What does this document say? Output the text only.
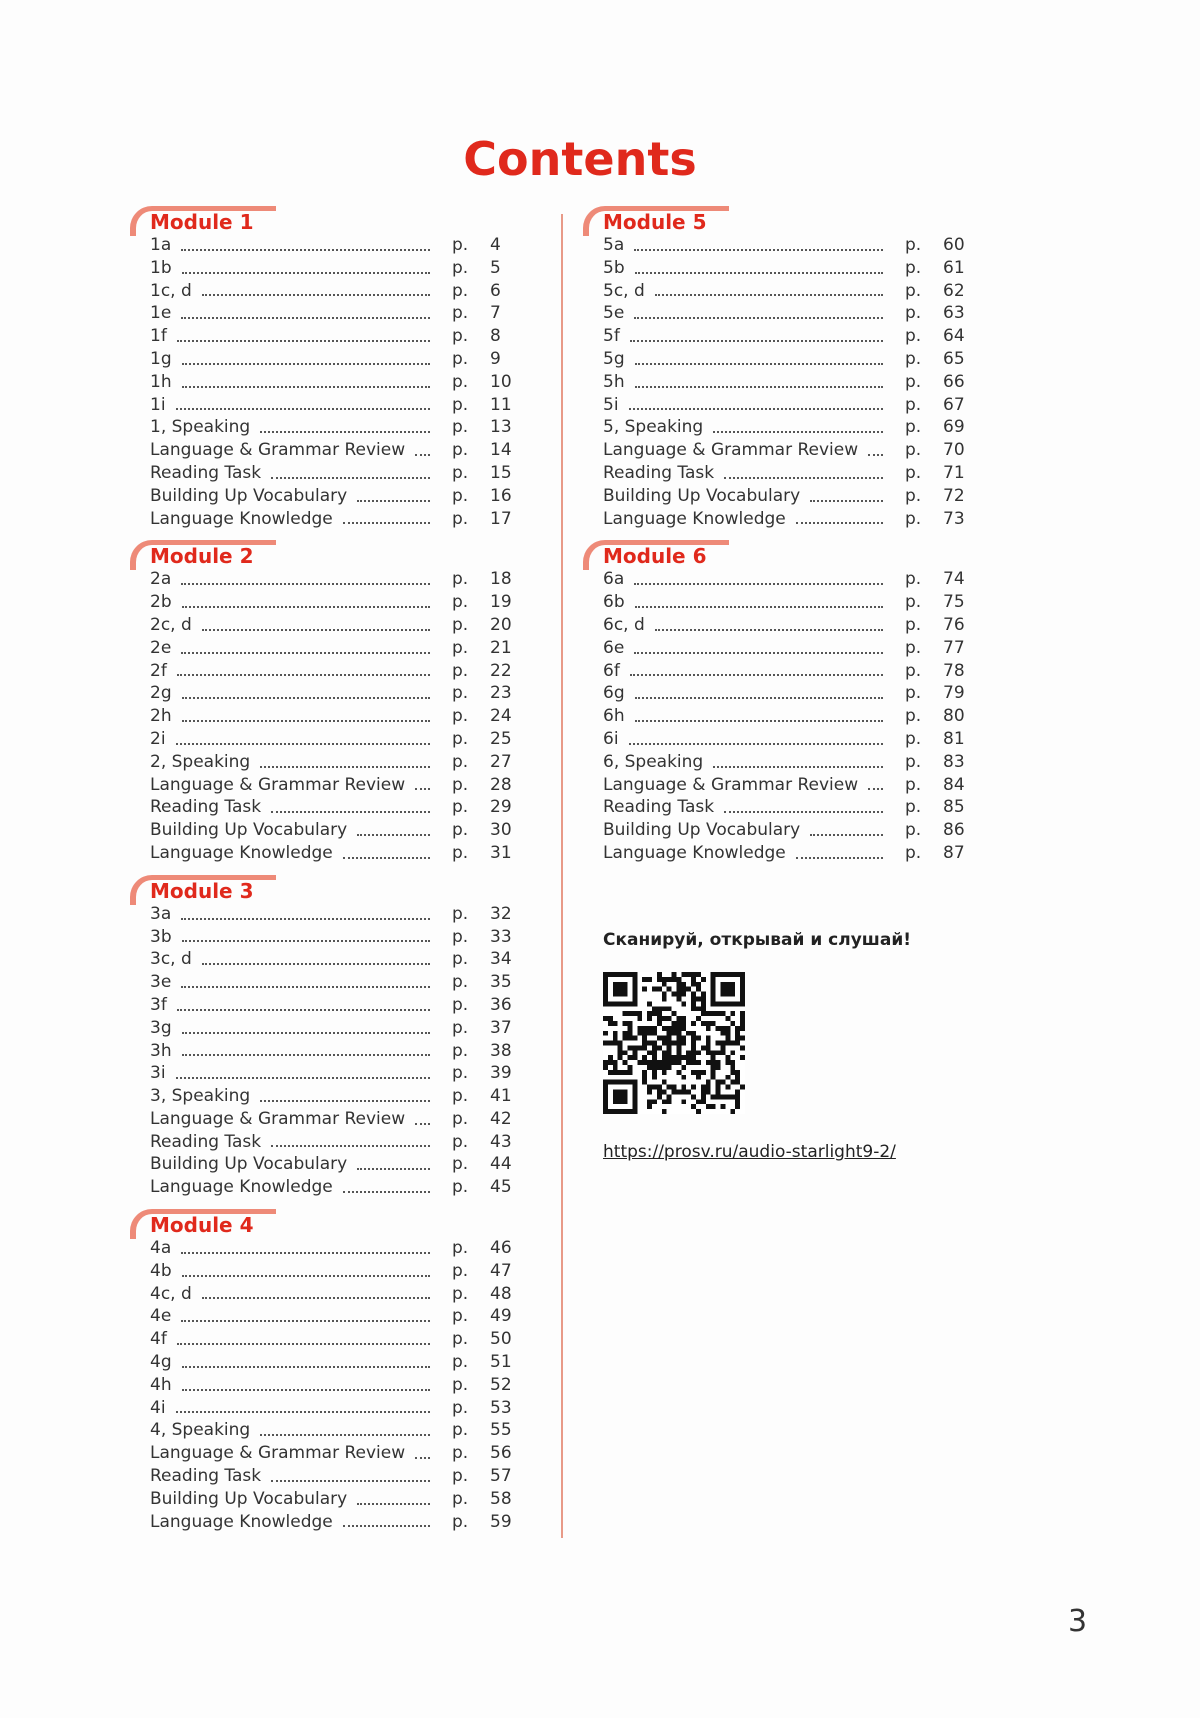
Contents
Module 1
1a	p.	4
1b	p.	5
1c, d	p.	6
1e	p.	7
1f	p.	8
1g	p.	9
1h	p.	10
1i	p.	11
1, Speaking	p.	13
Language & Grammar Review	p.	14
Reading Task	p.	15
Building Up Vocabulary	p.	16
Language Knowledge	p.	17
Module 2
2a	p.	18
2b	p.	19
2c, d	p.	20
2e	p.	21
2f	p.	22
2g	p.	23
2h	p.	24
2i	p.	25
2, Speaking	p.	27
Language & Grammar Review	p.	28
Reading Task	p.	29
Building Up Vocabulary	p.	30
Language Knowledge	p.	31
Module 3
3a	p.	32
3b	p.	33
3c, d	p.	34
3e	p.	35
3f	p.	36
3g	p.	37
3h	p.	38
3i	p.	39
3, Speaking	p.	41
Language & Grammar Review	p.	42
Reading Task	p.	43
Building Up Vocabulary	p.	44
Language Knowledge	p.	45
Module 4
4a	p.	46
4b	p.	47
4c, d	p.	48
4e	p.	49
4f	p.	50
4g	p.	51
4h	p.	52
4i	p.	53
4, Speaking	p.	55
Language & Grammar Review	p.	56
Reading Task	p.	57
Building Up Vocabulary	p.	58
Language Knowledge	p.	59
Module 5
5a	p.	60
5b	p.	61
5c, d	p.	62
5e	p.	63
5f	p.	64
5g	p.	65
5h	p.	66
5i	p.	67
5, Speaking	p.	69
Language & Grammar Review	p.	70
Reading Task	p.	71
Building Up Vocabulary	p.	72
Language Knowledge	p.	73
Module 6
6a	p.	74
6b	p.	75
6c, d	p.	76
6e	p.	77
6f	p.	78
6g	p.	79
6h	p.	80
6i	p.	81
6, Speaking	p.	83
Language & Grammar Review	p.	84
Reading Task	p.	85
Building Up Vocabulary	p.	86
Language Knowledge	p.	87
Сканируй, открывай и слушай!
https://prosv.ru/audio-starlight9-2/
3
